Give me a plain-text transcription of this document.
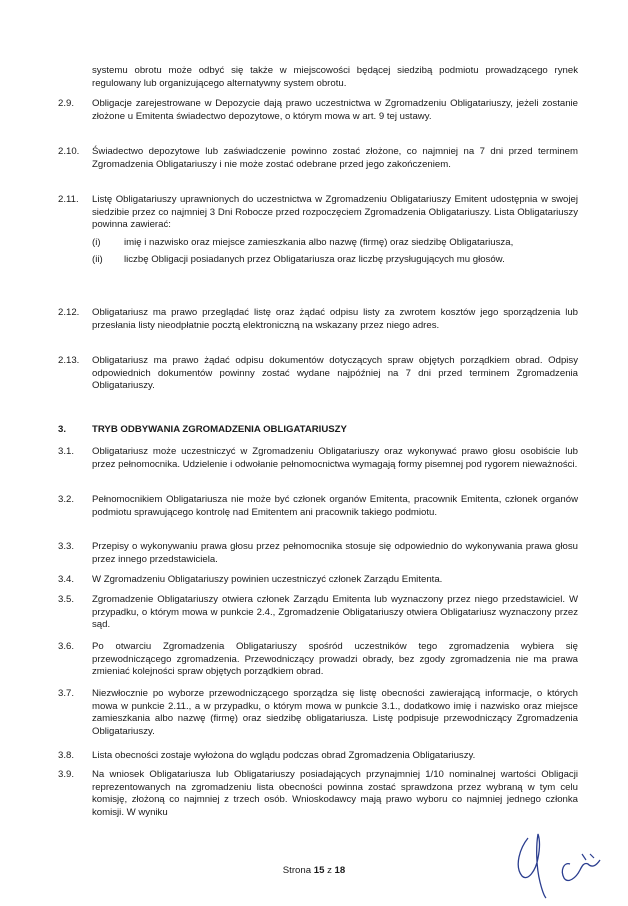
systemu obrotu może odbyć się także w miejscowości będącej siedzibą podmiotu prowadzącego rynek regulowany lub organizującego alternatywny system obrotu.
2.9.	Obligacje zarejestrowane w Depozycie dają prawo uczestnictwa w Zgromadzeniu Obligatariuszy, jeżeli zostanie złożone u Emitenta świadectwo depozytowe, o którym mowa w art. 9 tej ustawy.
2.10.	Świadectwo depozytowe lub zaświadczenie powinno zostać złożone, co najmniej na 7 dni przed terminem Zgromadzenia Obligatariuszy i nie może zostać odebrane przed jego zakończeniem.
2.11.	Listę Obligatariuszy uprawnionych do uczestnictwa w Zgromadzeniu Obligatariuszy Emitent udostępnia w swojej siedzibie przez co najmniej 3 Dni Robocze przed rozpoczęciem Zgromadzenia Obligatariuszy. Lista Obligatariuszy powinna zawierać:
(i) imię i nazwisko oraz miejsce zamieszkania albo nazwę (firmę) oraz siedzibę Obligatariusza,
(ii) liczbę Obligacji posiadanych przez Obligatariusza oraz liczbę przysługujących mu głosów.
2.12.	Obligatariusz ma prawo przeglądać listę oraz żądać odpisu listy za zwrotem kosztów jego sporządzenia lub przesłania listy nieodpłatnie pocztą elektroniczną na wskazany przez niego adres.
2.13.	Obligatariusz ma prawo żądać odpisu dokumentów dotyczących spraw objętych porządkiem obrad. Odpisy odpowiednich dokumentów powinny zostać wydane najpóźniej na 7 dni przed terminem Zgromadzenia Obligatariuszy.
3.	TRYB ODBYWANIA ZGROMADZENIA OBLIGATARIUSZY
3.1.	Obligatariusz może uczestniczyć w Zgromadzeniu Obligatariuszy oraz wykonywać prawo głosu osobiście lub przez pełnomocnika. Udzielenie i odwołanie pełnomocnictwa wymagają formy pisemnej pod rygorem nieważności.
3.2.	Pełnomocnikiem Obligatariusza nie może być członek organów Emitenta, pracownik Emitenta, członek organów podmiotu sprawującego kontrolę nad Emitentem ani pracownik takiego podmiotu.
3.3.	Przepisy o wykonywaniu prawa głosu przez pełnomocnika stosuje się odpowiednio do wykonywania prawa głosu przez innego przedstawiciela.
3.4.	W Zgromadzeniu Obligatariuszy powinien uczestniczyć członek Zarządu Emitenta.
3.5.	Zgromadzenie Obligatariuszy otwiera członek Zarządu Emitenta lub wyznaczony przez niego przedstawiciel. W przypadku, o którym mowa w punkcie 2.4., Zgromadzenie Obligatariuszy otwiera Obligatariusz wyznaczony przez sąd.
3.6.	Po otwarciu Zgromadzenia Obligatariuszy spośród uczestników tego zgromadzenia wybiera się przewodniczącego zgromadzenia. Przewodniczący prowadzi obrady, bez zgody zgromadzenia nie ma prawa zmieniać kolejności spraw objętych porządkiem obrad.
3.7.	Niezwłocznie po wyborze przewodniczącego sporządza się listę obecności zawierającą informacje, o których mowa w punkcie 2.11., a w przypadku, o którym mowa w punkcie 3.1., dodatkowo imię i nazwisko oraz miejsce zamieszkania albo nazwę (firmę) oraz siedzibę obligatariusza. Listę podpisuje przewodniczący Zgromadzenia Obligatariuszy.
3.8.	Lista obecności zostaje wyłożona do wglądu podczas obrad Zgromadzenia Obligatariuszy.
3.9.	Na wniosek Obligatariusza lub Obligatariuszy posiadających przynajmniej 1/10 nominalnej wartości Obligacji reprezentowanych na zgromadzeniu lista obecności powinna zostać sprawdzona przez wybraną w tym celu komisję, złożoną co najmniej z trzech osób. Wnioskodawcy mają prawo wyboru co najmniej jednego członka komisji. W wyniku
Strona 15 z 18
